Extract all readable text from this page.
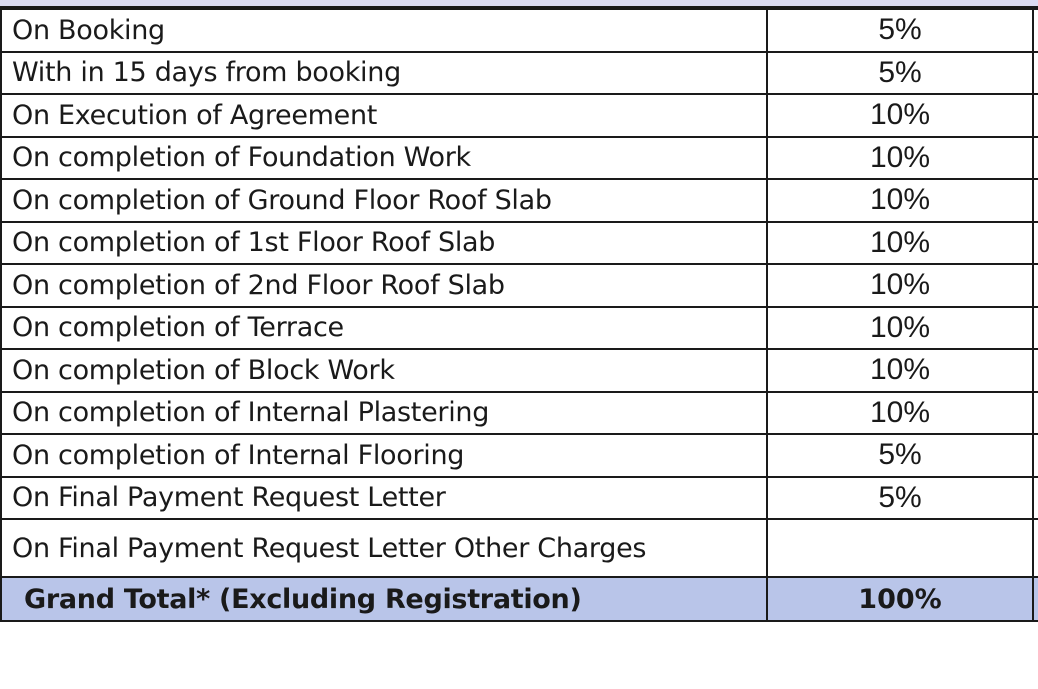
On Booking	5%	
With in 15 days from booking	5%	
On Execution of Agreement	10%	
On completion of Foundation Work	10%	
On completion of Ground Floor Roof Slab	10%	
On completion of 1st Floor Roof Slab	10%	
On completion of 2nd Floor Roof Slab	10%	
On completion of Terrace	10%	
On completion of Block Work	10%	
On completion of Internal Plastering	10%	
On completion of Internal Flooring	5%	
On Final Payment Request Letter	5%	
On Final Payment Request Letter Other Charges		
Grand Total* (Excluding Registration)	100%	
